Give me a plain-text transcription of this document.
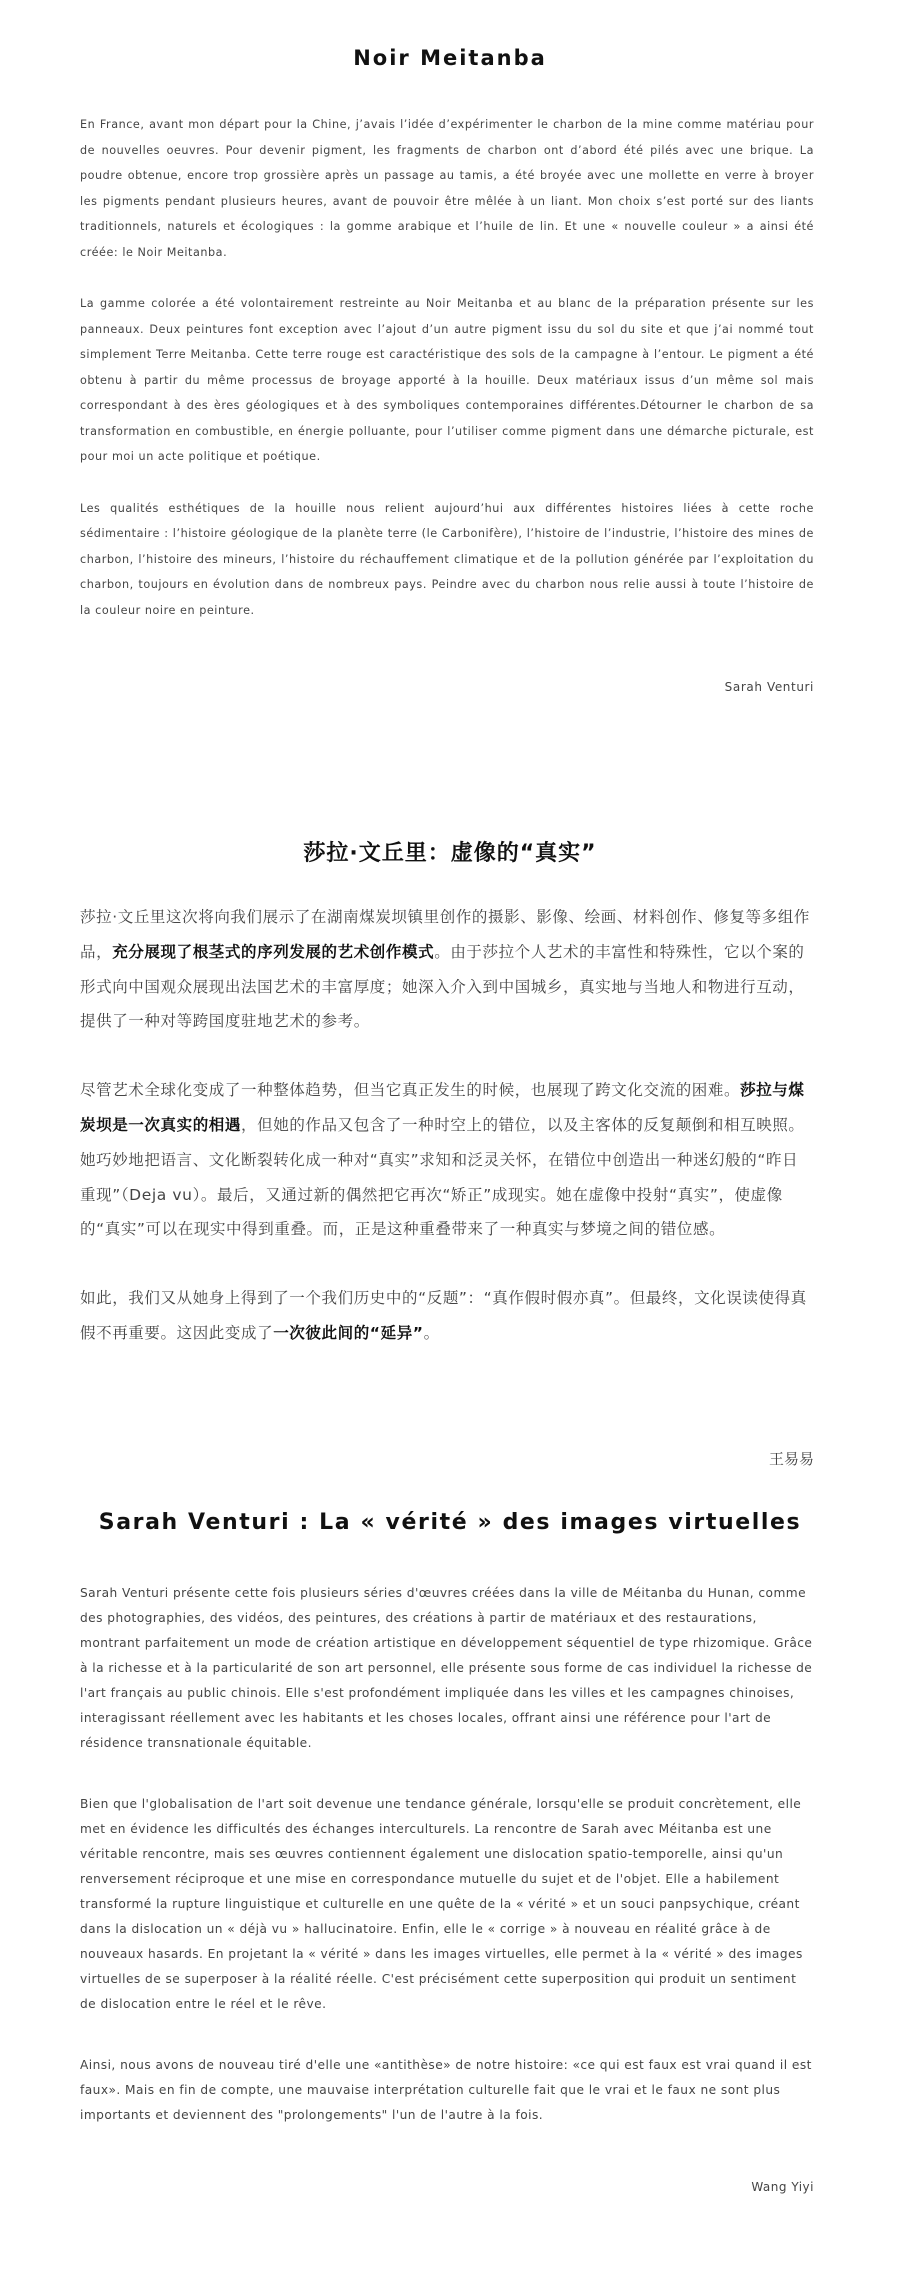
Noir Meitanba

En France, avant mon départ pour la Chine, j’avais l’idée d’expérimenter le charbon de la mine comme matériau pour de nouvelles oeuvres. Pour devenir pigment, les fragments de charbon ont d’abord été pilés avec une brique. La poudre obtenue, encore trop grossière après un passage au tamis, a été broyée avec une mollette en verre à broyer les pigments pendant plusieurs heures, avant de pouvoir être mêlée à un liant. Mon choix s’est porté sur des liants traditionnels, naturels et écologiques : la gomme arabique et l’huile de lin. Et une « nouvelle couleur » a ainsi été créée: le Noir Meitanba.

La gamme colorée a été volontairement restreinte au Noir Meitanba et au blanc de la préparation présente sur les panneaux. Deux peintures font exception avec l’ajout d’un autre pigment issu du sol du site et que j’ai nommé tout simplement Terre Meitanba. Cette terre rouge est caractéristique des sols de la campagne à l’entour. Le pigment a été obtenu à partir du même processus de broyage apporté à la houille. Deux matériaux issus d’un même sol mais correspondant à des ères géologiques et à des symboliques contemporaines différentes.Détourner le charbon de sa transformation en combustible, en énergie polluante, pour l’utiliser comme pigment dans une démarche picturale, est pour moi un acte politique et poétique.

Les qualités esthétiques de la houille nous relient aujourd’hui aux différentes histoires liées à cette roche sédimentaire : l’histoire géologique de la planète terre (le Carbonifère), l’histoire de l’industrie, l’histoire des mines de charbon, l’histoire des mineurs, l’histoire du réchauffement climatique et de la pollution générée par l’exploitation du charbon, toujours en évolution dans de nombreux pays. Peindre avec du charbon nous relie aussi à toute l’histoire de la couleur noire en peinture.

Sarah Venturi
莎拉·文丘里：虚像的“真实”

莎拉·文丘里这次将向我们展示了在湖南煤炭坝镇里创作的摄影、影像、绘画、材料创作、修复等多组作品，充分展现了根茎式的序列发展的艺术创作模式。由于莎拉个人艺术的丰富性和特殊性，它以个案的形式向中国观众展现出法国艺术的丰富厚度；她深入介入到中国城乡，真实地与当地人和物进行互动，提供了一种对等跨国度驻地艺术的参考。

尽管艺术全球化变成了一种整体趋势，但当它真正发生的时候，也展现了跨文化交流的困难。莎拉与煤炭坝是一次真实的相遇，但她的作品又包含了一种时空上的错位，以及主客体的反复颠倒和相互映照。她巧妙地把语言、文化断裂转化成一种对“真实”求知和泛灵关怀，在错位中创造出一种迷幻般的“昨日重现”（Deja vu）。最后，又通过新的偶然把它再次“矫正”成现实。她在虚像中投射“真实”，使虚像的“真实”可以在现实中得到重叠。而，正是这种重叠带来了一种真实与梦境之间的错位感。

如此，我们又从她身上得到了一个我们历史中的“反题”：“真作假时假亦真”。但最终，文化误读使得真假不再重要。这因此变成了一次彼此间的“延异”。

王易易
Sarah Venturi : La « vérité » des images virtuelles

Sarah Venturi présente cette fois plusieurs séries d'œuvres créées dans la ville de Méitanba du Hunan, comme des photographies, des vidéos, des peintures, des créations à partir de matériaux et des restaurations, montrant parfaitement un mode de création artistique en développement séquentiel de type rhizomique. Grâce à la richesse et à la particularité de son art personnel, elle présente sous forme de cas individuel la richesse de l'art français au public chinois. Elle s'est profondément impliquée dans les villes et les campagnes chinoises, interagissant réellement avec les habitants et les choses locales, offrant ainsi une référence pour l'art de résidence transnationale équitable.

Bien que l'globalisation de l'art soit devenue une tendance générale, lorsqu'elle se produit concrètement, elle met en évidence les difficultés des échanges interculturels. La rencontre de Sarah avec Méitanba est une véritable rencontre, mais ses œuvres contiennent également une dislocation spatio-temporelle, ainsi qu'un renversement réciproque et une mise en correspondance mutuelle du sujet et de l'objet. Elle a habilement transformé la rupture linguistique et culturelle en une quête de la « vérité » et un souci panpsychique, créant dans la dislocation un « déjà vu » hallucinatoire. Enfin, elle le « corrige » à nouveau en réalité grâce à de nouveaux hasards. En projetant la « vérité » dans les images virtuelles, elle permet à la « vérité » des images virtuelles de se superposer à la réalité réelle. C'est précisément cette superposition qui produit un sentiment de dislocation entre le réel et le rêve.

Ainsi, nous avons de nouveau tiré d'elle une «antithèse» de notre histoire: «ce qui est faux est vrai quand il est faux». Mais en fin de compte, une mauvaise interprétation culturelle fait que le vrai et le faux ne sont plus importants et deviennent des "prolongements" l'un de l'autre à la fois.

Wang Yiyi
